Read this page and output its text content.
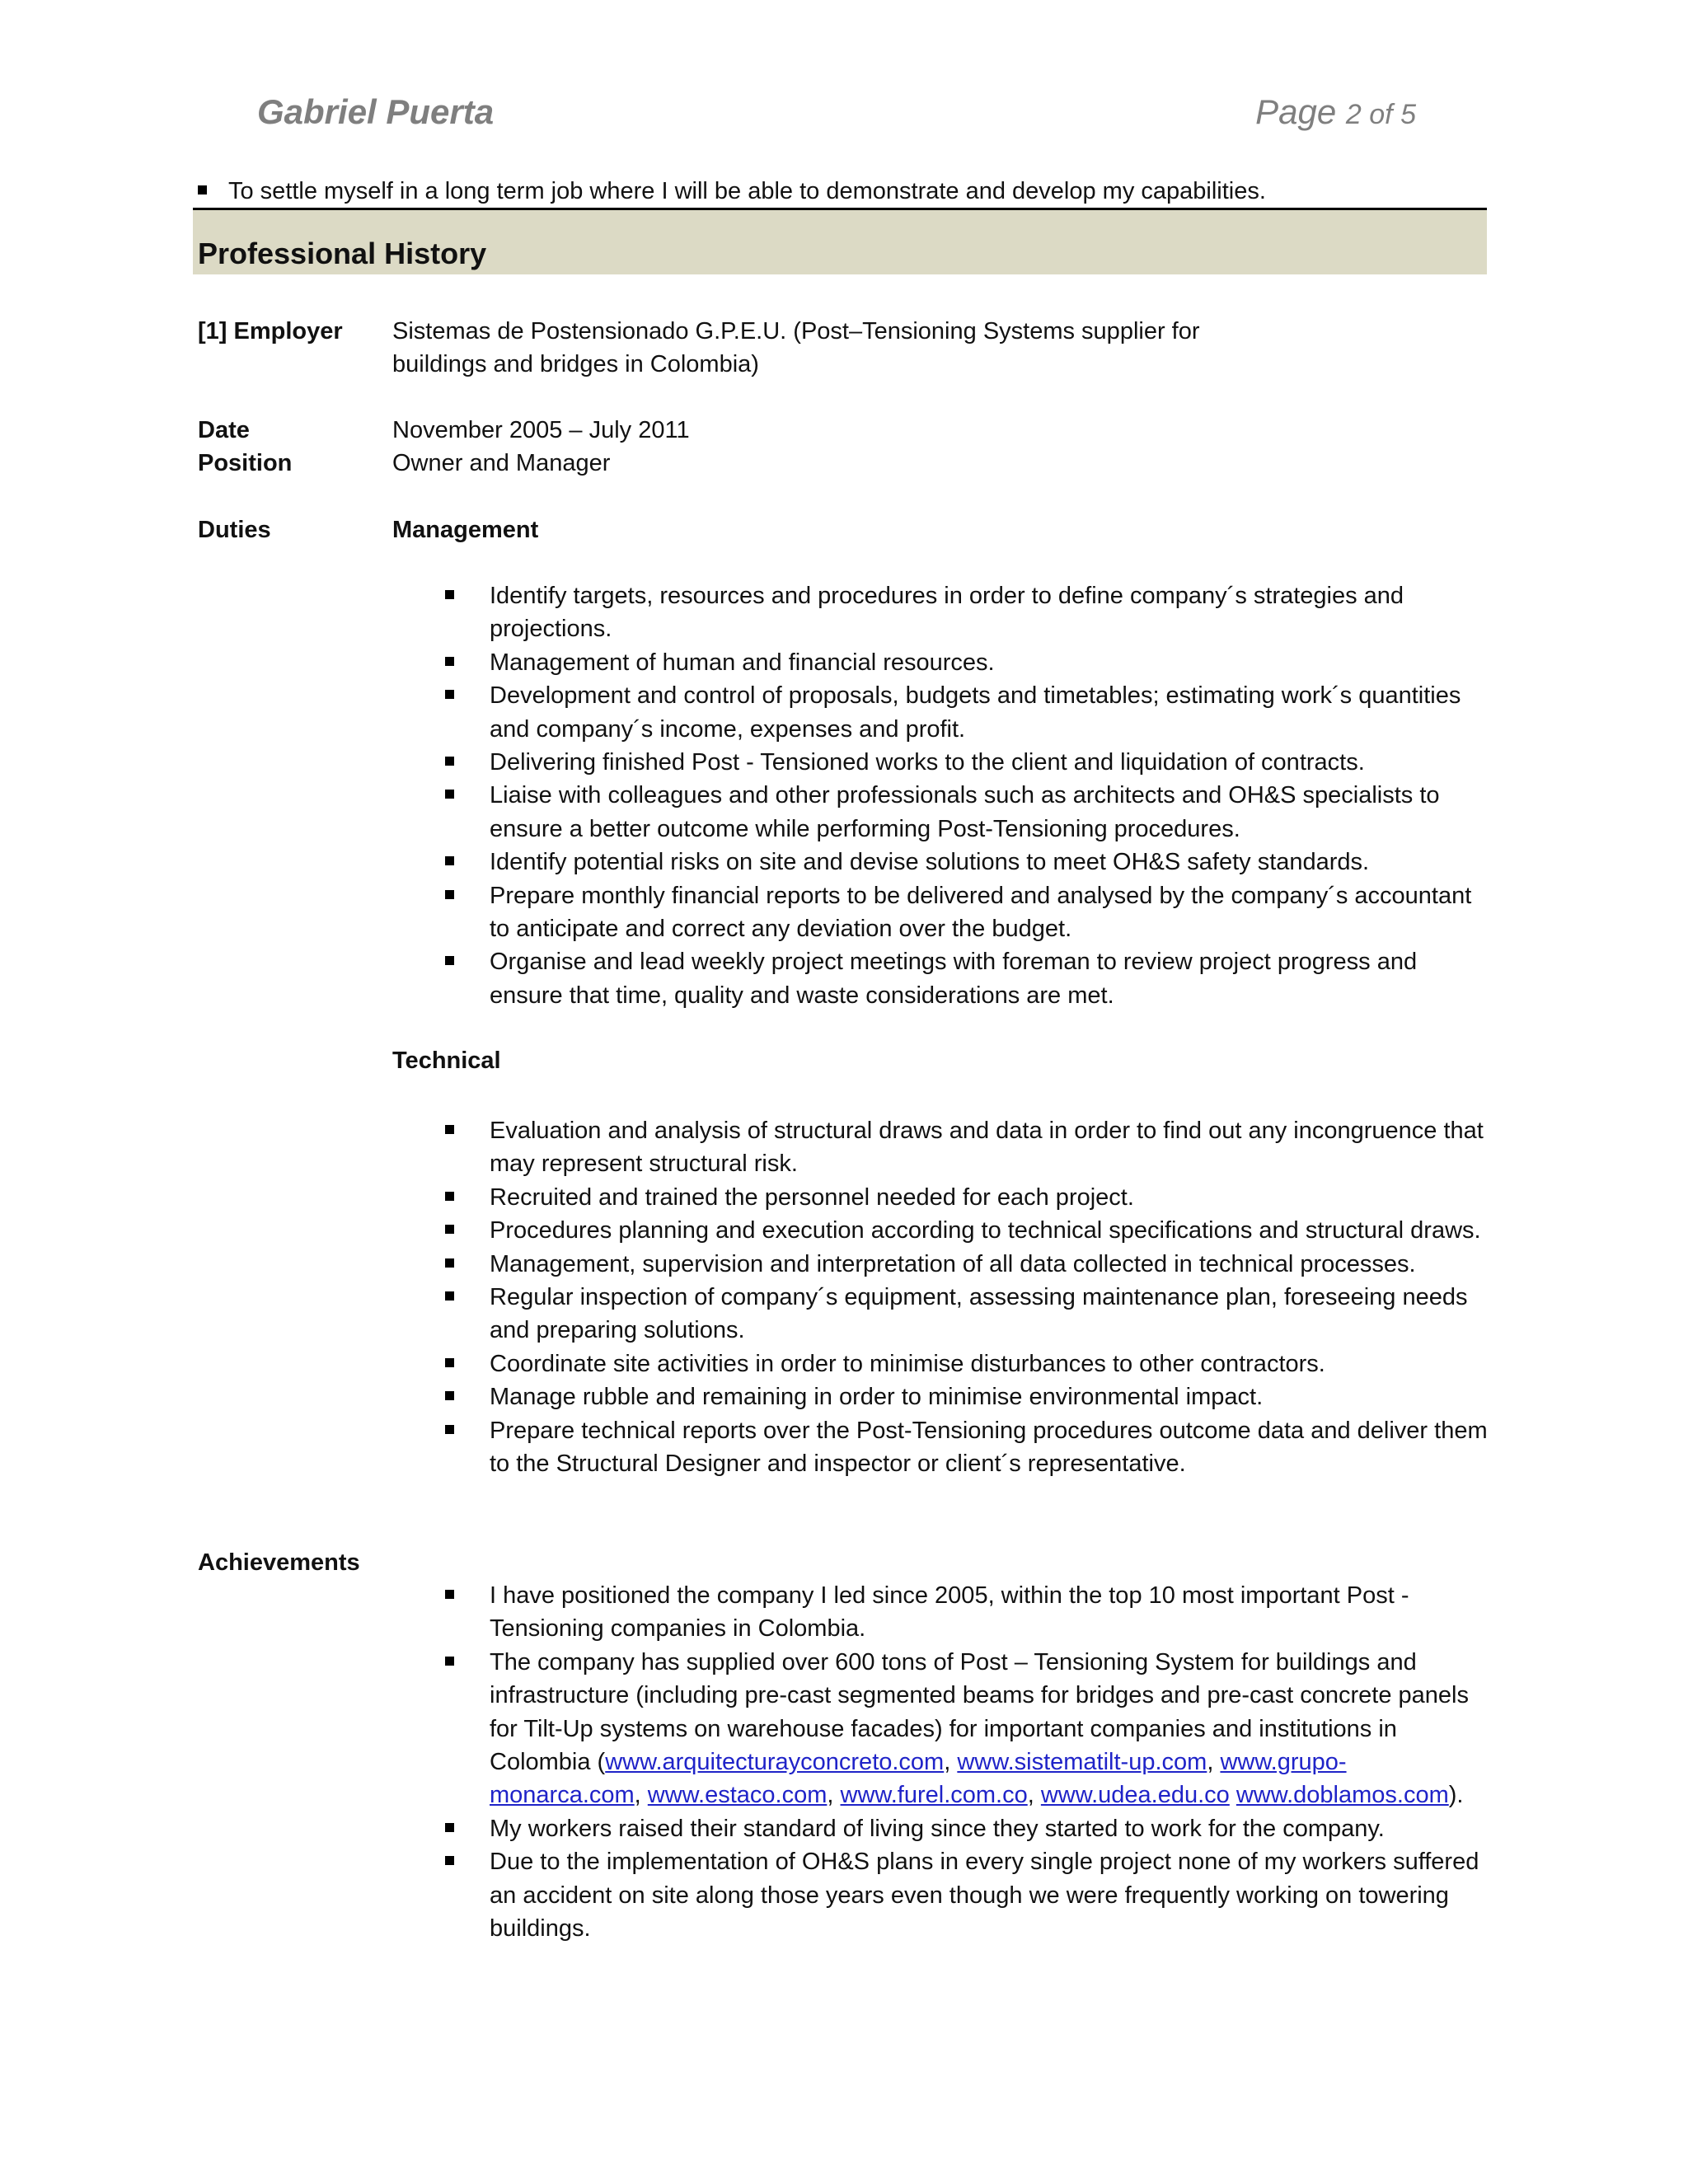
Gabriel Puerta	Page 2 of 5
To settle myself in a long term job where I will be able to demonstrate and develop my capabilities.
Professional History
[1] Employer Sistemas de Postensionado G.P.E.U. (Post–Tensioning Systems supplier for
buildings and bridges in Colombia)
Date	November 2005 – July 2011
Position	Owner and Manager
Duties	Management
Identify targets, resources and procedures in order to define company´s strategies and projections.
Management of human and financial resources.
Development and control of proposals, budgets and timetables; estimating work´s quantities and company´s income, expenses and profit.
Delivering finished Post - Tensioned works to the client and liquidation of contracts.
Liaise with colleagues and other professionals such as architects and OH&S specialists to ensure a better outcome while performing Post-Tensioning procedures.
Identify potential risks on site and devise solutions to meet OH&S safety standards.
Prepare monthly financial reports to be delivered and analysed by the company´s accountant to anticipate and correct any deviation over the budget.
Organise and lead weekly project meetings with foreman to review project progress and ensure that time, quality and waste considerations are met.
Technical
Evaluation and analysis of structural draws and data in order to find out any incongruence that may represent structural risk.
Recruited and trained the personnel needed for each project.
Procedures planning and execution according to technical specifications and structural draws.
Management, supervision and interpretation of all data collected in technical processes.
Regular inspection of company´s equipment, assessing maintenance plan, foreseeing needs and preparing solutions.
Coordinate site activities in order to minimise disturbances to other contractors.
Manage rubble and remaining in order to minimise environmental impact.
Prepare technical reports over the Post-Tensioning procedures outcome data and deliver them to the Structural Designer and inspector or client´s representative.
Achievements
I have positioned the company I led since 2005, within the top 10 most important Post - Tensioning companies in Colombia.
The company has supplied over 600 tons of Post – Tensioning System for buildings and infrastructure (including pre-cast segmented beams for bridges and pre-cast concrete panels for Tilt-Up systems on warehouse facades) for important companies and institutions in Colombia (www.arquitecturayconcreto.com, www.sistematilt-up.com, www.grupo-monarca.com, www.estaco.com, www.furel.com.co, www.udea.edu.co www.doblamos.com).
My workers raised their standard of living since they started to work for the company.
Due to the implementation of OH&S plans in every single project none of my workers suffered an accident on site along those years even though we were frequently working on towering buildings.
